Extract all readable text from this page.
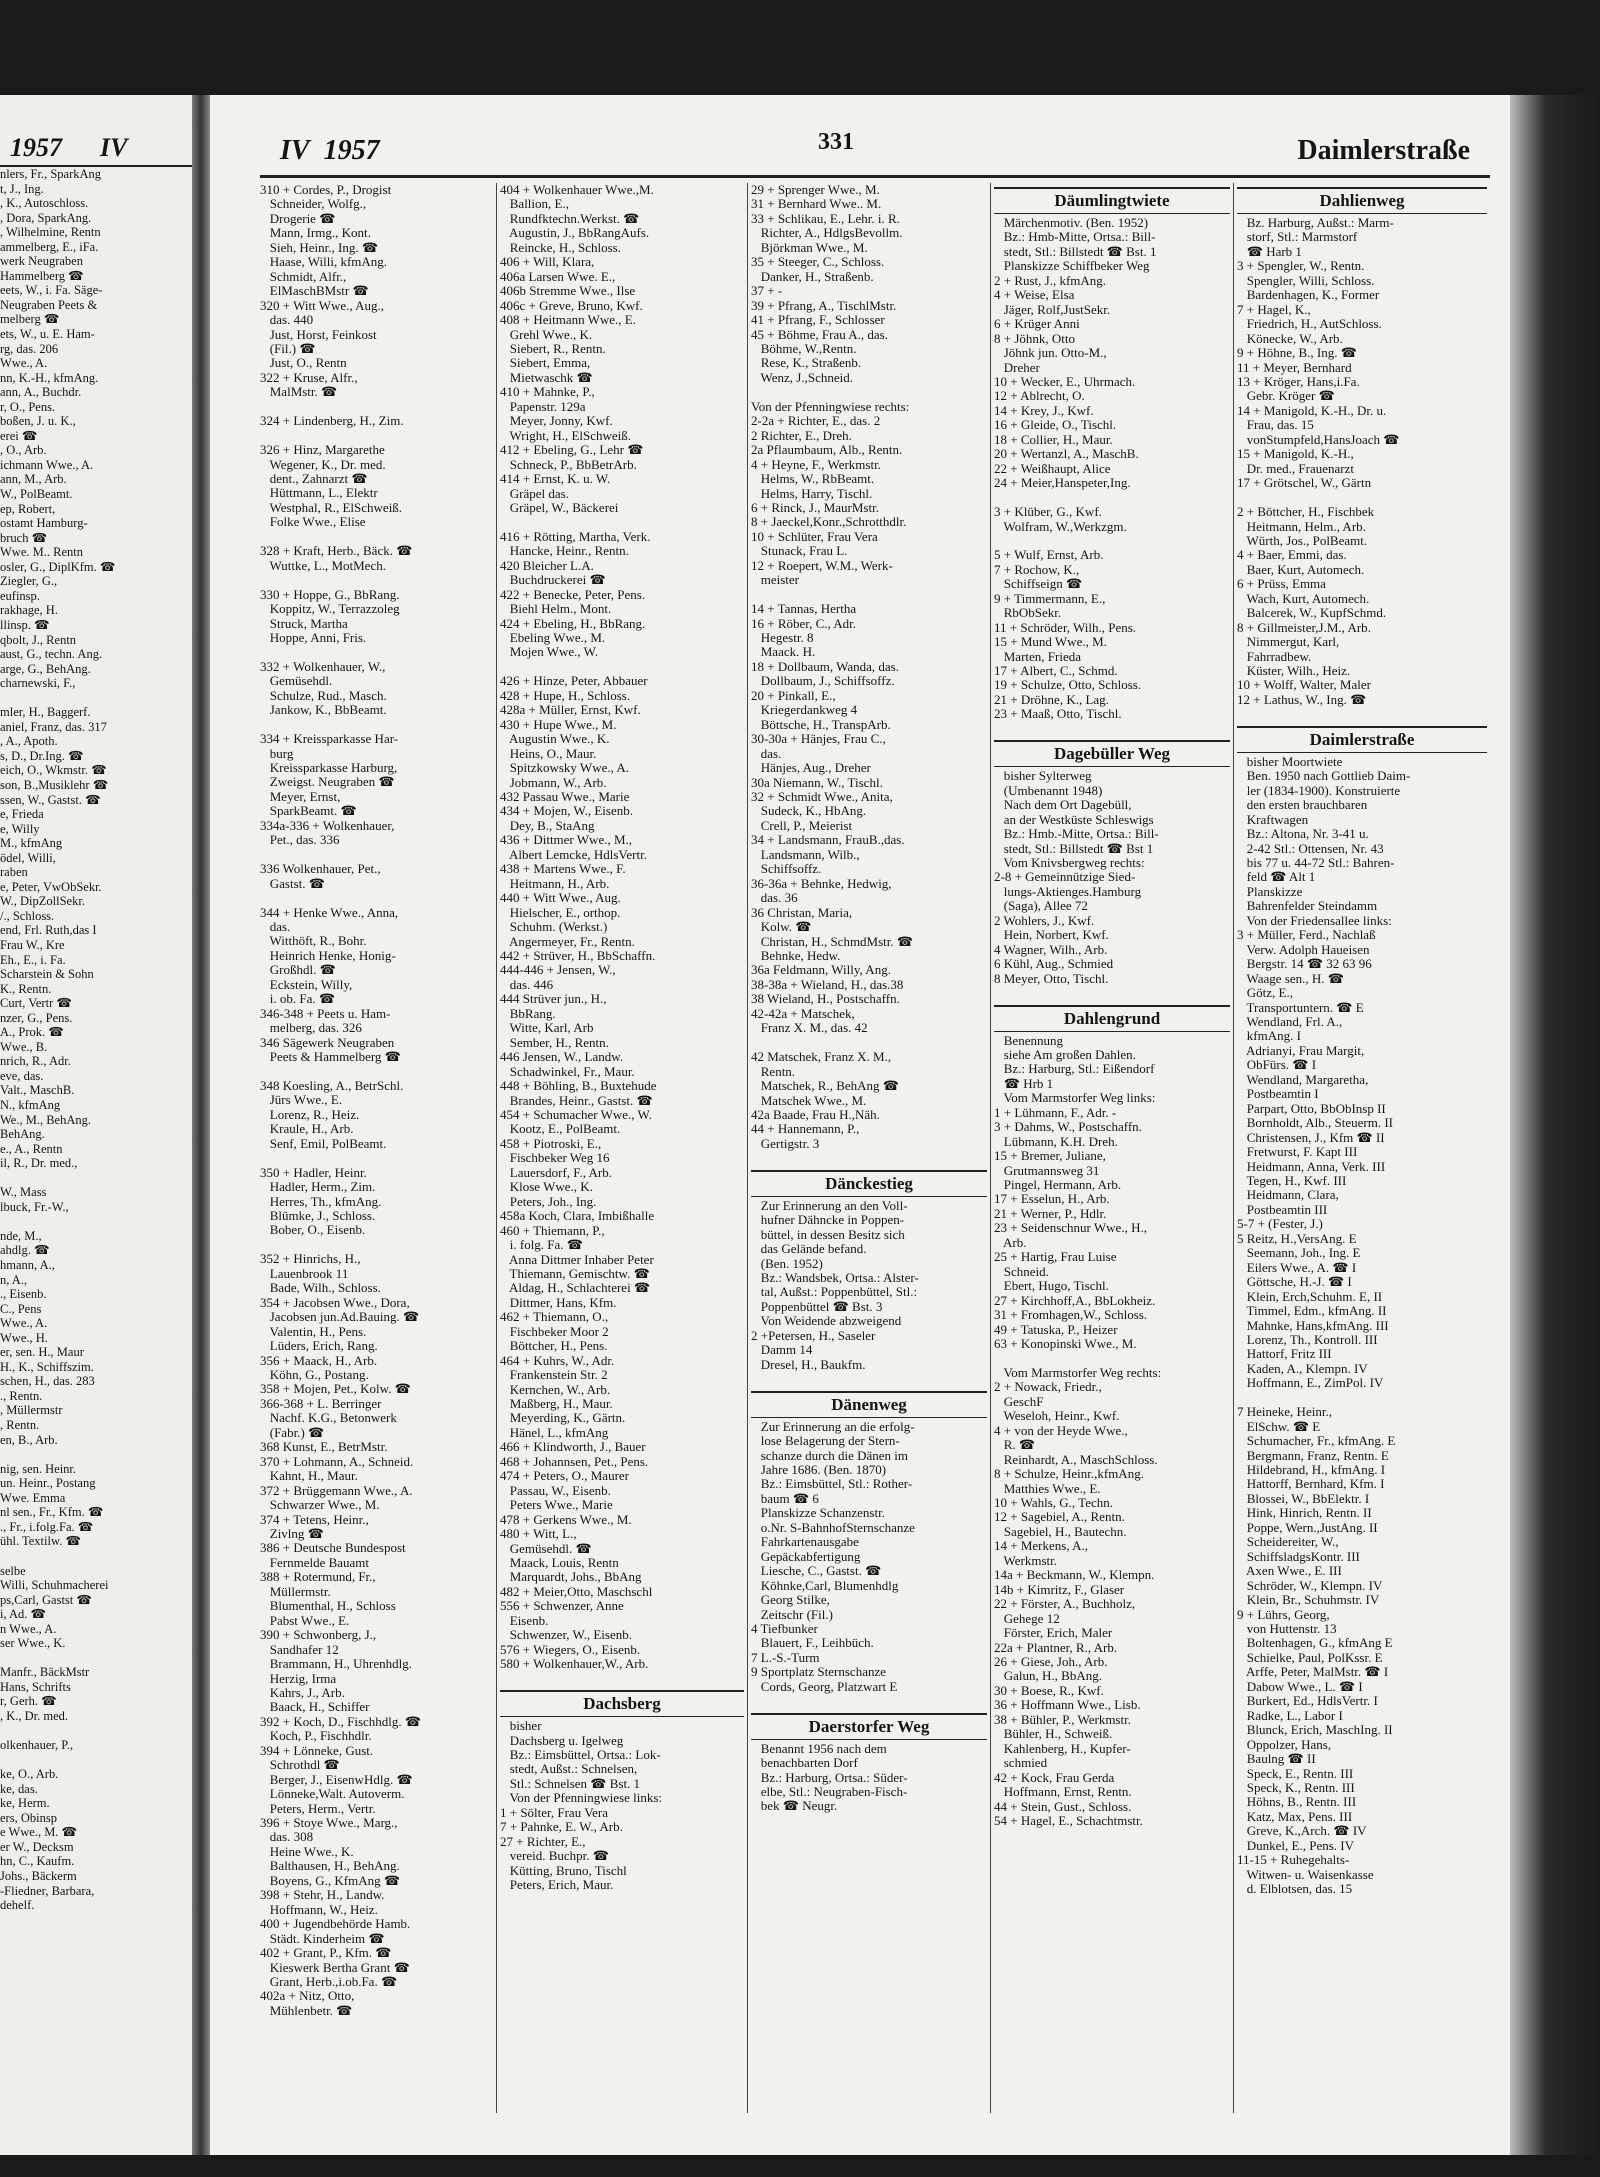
1957 IV
nlers, Fr., SparkAng
t, J., Ing.
, K., Autoschloss.
, Dora, SparkAng.
, Wilhelmine, Rentn
ammelberg, E., iFa.
werk Neugraben
Hammelberg ☎
eets, W., i. Fa. Säge-
Neugraben Peets &
melberg ☎
ets, W., u. E. Ham-
rg, das. 206
Wwe., A.
nn, K.-H., kfmAng.
ann, A., Buchdr.
r, O., Pens.
boßen, J. u. K.,
erei ☎
, O., Arb.
ichmann Wwe., A.
ann, M., Arb.
W., PolBeamt.
ep, Robert,
ostamt Hamburg-
bruch ☎
Wwe. M.. Rentn
osler, G., DiplKfm. ☎
Ziegler, G.,
eufinsp.
rakhage, H.
llinsp. ☎
qbolt, J., Rentn
aust, G., techn. Ang.
arge, G., BehAng.
charnewski, F.,
mler, H., Baggerf.
aniel, Franz, das. 317
, A., Apoth.
s, D., Dr.Ing. ☎
eich, O., Wkmstr. ☎
son, B.,Musiklehr ☎
ssen, W., Gastst. ☎
e, Frieda
e, Willy
M., kfmAng
ödel, Willi,
raben
e, Peter, VwObSekr.
W., DipZollSekr.
/., Schloss.
end, Frl. Ruth,das I
Frau W., Kre
Eh., E., i. Fa.
Scharstein & Sohn
K., Rentn.
Curt, Vertr ☎
nzer, G., Pens.
A., Prok. ☎
Wwe., B.
nrich, R., Adr.
eve, das.
Valt., MaschB.
N., kfmAng
We., M., BehAng.
BehAng.
e., A., Rentn
il, R., Dr. med.,
W., Mass
lbuck, Fr.-W.,
nde, M.,
ahdlg. ☎
hmann, A.,
n, A.,
., Eisenb.
C., Pens
Wwe., A.
Wwe., H.
er, sen. H., Maur
H., K., Schiffszim.
schen, H., das. 283
., Rentn.
, Müllermstr
, Rentn.
en, B., Arb.
nig, sen. Heinr.
un. Heinr., Postang
Wwe. Emma
nl sen., Fr., Kfm. ☎
., Fr., i.folg.Fa. ☎
ühl. Textilw. ☎
selbe
Willi, Schuhmacherei
ps,Carl, Gastst ☎
i, Ad. ☎
n Wwe., A.
ser Wwe., K.
Manfr., BäckMstr
Hans, Schrifts
r, Gerh. ☎
, K., Dr. med.
olkenhauer, P.,
ke, O., Arb.
ke, das.
ke, Herm.
ers, Obinsp
e Wwe., M. ☎
er W., Decksm
hn, C., Kaufm.
Johs., Bäckerm
-Fliedner, Barbara,
dehelf.
IV 1957	331	Daimlerstraße
310 + Cordes, P., Drogist
Schneider, Wolfg.,
Drogerie ☎
Mann, Irmg., Kont.
Sieh, Heinr., Ing. ☎
Haase, Willi, kfmAng.
Schmidt, Alfr.,
ElMaschBMstr ☎
320 + Witt Wwe., Aug.,
das. 440
Just, Horst, Feinkost
(Fil.) ☎
Just, O., Rentn
322 + Kruse, Alfr.,
MalMstr. ☎
324 + Lindenberg, H., Zim.
326 + Hinz, Margarethe
Wegener, K., Dr. med.
dent., Zahnarzt ☎
Hüttmann, L., Elektr
Westphal, R., ElSchweiß.
Folke Wwe., Elise
328 + Kraft, Herb., Bäck. ☎
Wuttke, L., MotMech.
330 + Hoppe, G., BbRang.
Koppitz, W., Terrazzoleg
Struck, Martha
Hoppe, Anni, Fris.
332 + Wolkenhauer, W.,
Gemüsehdl.
Schulze, Rud., Masch.
Jankow, K., BbBeamt.
334 + Kreissparkasse Har-
burg
Kreissparkasse Harburg,
Zweigst. Neugraben ☎
Meyer, Ernst,
SparkBeamt. ☎
334a-336 + Wolkenhauer,
Pet., das. 336
336 Wolkenhauer, Pet.,
Gastst. ☎
344 + Henke Wwe., Anna,
das.
Witthöft, R., Bohr.
Heinrich Henke, Honig-
Großhdl. ☎
Eckstein, Willy,
i. ob. Fa. ☎
346-348 + Peets u. Ham-
melberg, das. 326
346 Sägewerk Neugraben
Peets & Hammelberg ☎
348 Koesling, A., BetrSchl.
Jürs Wwe., E.
Lorenz, R., Heiz.
Kraule, H., Arb.
Senf, Emil, PolBeamt.
350 + Hadler, Heinr.
Hadler, Herm., Zim.
Herres, Th., kfmAng.
Blümke, J., Schloss.
Bober, O., Eisenb.
352 + Hinrichs, H.,
Lauenbrook 11
Bade, Wilh., Schloss.
354 + Jacobsen Wwe., Dora,
Jacobsen jun.Ad.Bauing. ☎
Valentin, H., Pens.
Lüders, Erich, Rang.
356 + Maack, H., Arb.
Köhn, G., Postang.
358 + Mojen, Pet., Kolw. ☎
366-368 + L. Berringer
Nachf. K.G., Betonwerk
(Fabr.) ☎
368 Kunst, E., BetrMstr.
370 + Lohmann, A., Schneid.
Kahnt, H., Maur.
372 + Brüggemann Wwe., A.
Schwarzer Wwe., M.
374 + Tetens, Heinr.,
Zivlng ☎
386 + Deutsche Bundespost
Fernmelde Bauamt
388 + Rotermund, Fr.,
Müllermstr.
Blumenthal, H., Schloss
Pabst Wwe., E.
390 + Schwonberg, J.,
Sandhafer 12
Brammann, H., Uhrenhdlg.
Herzig, Irma
Kahrs, J., Arb.
Baack, H., Schiffer
392 + Koch, D., Fischhdlg. ☎
Koch, P., Fischhdlr.
394 + Lönneke, Gust.
Schrothdl ☎
Berger, J., EisenwHdlg. ☎
Lönneke,Walt. Autoverm.
Peters, Herm., Vertr.
396 + Stoye Wwe., Marg.,
das. 308
Heine Wwe., K.
Balthausen, H., BehAng.
Boyens, G., KfmAng ☎
398 + Stehr, H., Landw.
Hoffmann, W., Heiz.
400 + Jugendbehörde Hamb.
Städt. Kinderheim ☎
402 + Grant, P., Kfm. ☎
Kieswerk Bertha Grant ☎
Grant, Herb.,i.ob.Fa. ☎
402a + Nitz, Otto,
Mühlenbetr. ☎
404 + Wolkenhauer Wwe.,M.
Ballion, E.,
Rundfktechn.Werkst. ☎
Augustin, J., BbRangAufs.
Reincke, H., Schloss.
406 + Will, Klara,
406a Larsen Wwe. E.,
406b Stremme Wwe., Ilse
406c + Greve, Bruno, Kwf.
408 + Heitmann Wwe., E.
Grehl Wwe., K.
Siebert, R., Rentn.
Siebert, Emma,
Mietwaschk ☎
410 + Mahnke, P.,
Papenstr. 129a
Meyer, Jonny, Kwf.
Wright, H., ElSchweiß.
412 + Ebeling, G., Lehr ☎
Schneck, P., BbBetrArb.
414 + Ernst, K. u. W.
Gräpel das.
Gräpel, W., Bäckerei
416 + Rötting, Martha, Verk.
Hancke, Heinr., Rentn.
420 Bleicher L.A.
Buchdruckerei ☎
422 + Benecke, Peter, Pens.
Biehl Helm., Mont.
424 + Ebeling, H., BbRang.
Ebeling Wwe., M.
Mojen Wwe., W.
426 + Hinze, Peter, Abbauer
428 + Hupe, H., Schloss.
428a + Müller, Ernst, Kwf.
430 + Hupe Wwe., M.
Augustin Wwe., K.
Heins, O., Maur.
Spitzkowsky Wwe., A.
Jobmann, W., Arb.
432 Passau Wwe., Marie
434 + Mojen, W., Eisenb.
Dey, B., StaAng
436 + Dittmer Wwe., M.,
Albert Lemcke, HdlsVertr.
438 + Martens Wwe., F.
Heitmann, H., Arb.
440 + Witt Wwe., Aug.
Hielscher, E., orthop.
Schuhm. (Werkst.)
Angermeyer, Fr., Rentn.
442 + Strüver, H., BbSchaffn.
444-446 + Jensen, W.,
das. 446
444 Strüver jun., H.,
BbRang.
Witte, Karl, Arb
Sember, H., Rentn.
446 Jensen, W., Landw.
Schadwinkel, Fr., Maur.
448 + Böhling, B., Buxtehude
Brandes, Heinr., Gastst. ☎
454 + Schumacher Wwe., W.
Kootz, E., PolBeamt.
458 + Piotroski, E.,
Fischbeker Weg 16
Lauersdorf, F., Arb.
Klose Wwe., K.
Peters, Joh., Ing.
458a Koch, Clara, Imbißhalle
460 + Thiemann, P.,
i. folg. Fa. ☎
Anna Dittmer Inhaber Peter
Thiemann, Gemischtw. ☎
Aldag, H., Schlachterei ☎
Dittmer, Hans, Kfm.
462 + Thiemann, O.,
Fischbeker Moor 2
Böttcher, H., Pens.
464 + Kuhrs, W., Adr.
Frankenstein Str. 2
Kernchen, W., Arb.
Maßberg, H., Maur.
Meyerding, K., Gärtn.
Hänel, L., kfmAng
466 + Klindworth, J., Bauer
468 + Johannsen, Pet., Pens.
474 + Peters, O., Maurer
Passau, W., Eisenb.
Peters Wwe., Marie
478 + Gerkens Wwe., M.
480 + Witt, L.,
Gemüsehdl. ☎
Maack, Louis, Rentn
Marquardt, Johs., BbAng
482 + Meier,Otto, Maschschl
556 + Schwenzer, Anne
Eisenb.
Schwenzer, W., Eisenb.
576 + Wiegers, O., Eisenb.
580 + Wolkenhauer,W., Arb.
Dachsberg
bisher
Dachsberg u. Igelweg
Bz.: Eimsbüttel, Ortsa.: Lok-
stedt, Außst.: Schnelsen,
Stl.: Schnelsen ☎ Bst. 1
Von der Pfenningwiese links:
1 + Sölter, Frau Vera
7 + Pahnke, E. W., Arb.
27 + Richter, E.,
vereid. Buchpr. ☎
Kütting, Bruno, Tischl
Peters, Erich, Maur.
29 + Sprenger Wwe., M.
31 + Bernhard Wwe.. M.
33 + Schlikau, E., Lehr. i. R.
Richter, A., HdlgsBevollm.
Björkman Wwe., M.
35 + Steeger, C., Schloss.
Danker, H., Straßenb.
37 + -
39 + Pfrang, A., TischlMstr.
41 + Pfrang, F., Schlosser
45 + Böhme, Frau A., das.
Böhme, W.,Rentn.
Rese, K., Straßenb.
Wenz, J.,Schneid.
Von der Pfenningwiese rechts:
2-2a + Richter, E., das. 2
2 Richter, E., Dreh.
2a Pflaumbaum, Alb., Rentn.
4 + Heyne, F., Werkmstr.
Helms, W., RbBeamt.
Helms, Harry, Tischl.
6 + Rinck, J., MaurMstr.
8 + Jaeckel,Konr.,Schrotthdlr.
10 + Schlüter, Frau Vera
Stunack, Frau L.
12 + Roepert, W.M., Werk-
meister
14 + Tannas, Hertha
16 + Röber, C., Adr.
Hegestr. 8
Maack. H.
18 + Dollbaum, Wanda, das.
Dollbaum, J., Schiffsoffz.
20 + Pinkall, E.,
Kriegerdankweg 4
Böttsche, H., TranspArb.
30-30a + Hänjes, Frau C.,
das.
Hänjes, Aug., Dreher
30a Niemann, W., Tischl.
32 + Schmidt Wwe., Anita,
Sudeck, K., HbAng.
Crell, P., Meierist
34 + Landsmann, FrauB.,das.
Landsmann, Wilb.,
Schiffsoffz.
36-36a + Behnke, Hedwig,
das. 36
36 Christan, Maria,
Kolw. ☎
Christan, H., SchmdMstr. ☎
Behnke, Hedw.
36a Feldmann, Willy, Ang.
38-38a + Wieland, H., das.38
38 Wieland, H., Postschaffn.
42-42a + Matschek,
Franz X. M., das. 42
42 Matschek, Franz X. M.,
Rentn.
Matschek, R., BehAng ☎
Matschek Wwe., M.
42a Baade, Frau H.,Näh.
44 + Hannemann, P.,
Gertigstr. 3
Dänckestieg
Zur Erinnerung an den Voll-
hufner Dähncke in Poppen-
büttel, in dessen Besitz sich
das Gelände befand.
(Ben. 1952)
Bz.: Wandsbek, Ortsa.: Alster-
tal, Außst.: Poppenbüttel, Stl.:
Poppenbüttel ☎ Bst. 3
Von Weidende abzweigend
2 +Petersen, H., Saseler
Damm 14
Dresel, H., Baukfm.
Dänenweg
Zur Erinnerung an die erfolg-
lose Belagerung der Stern-
schanze durch die Dänen im
Jahre 1686. (Ben. 1870)
Bz.: Eimsbüttel, Stl.: Rother-
baum ☎ 6
Planskizze Schanzenstr.
o.Nr. S-BahnhofSternschanze
Fahrkartenausgabe
Gepäckabfertigung
Liesche, C., Gastst. ☎
Köhnke,Carl, Blumenhdlg
Georg Stilke,
Zeitschr (Fil.)
4 Tiefbunker
Blauert, F., Leihbüch.
7 L.-S.-Turm
9 Sportplatz Sternschanze
Cords, Georg, Platzwart E
Daerstorfer Weg
Benannt 1956 nach dem
benachbarten Dorf
Bz.: Harburg, Ortsa.: Süder-
elbe, Stl.: Neugraben-Fisch-
bek ☎ Neugr.
Däumlingtwiete
Märchenmotiv. (Ben. 1952)
Bz.: Hmb-Mitte, Ortsa.: Bill-
stedt, Stl.: Billstedt ☎ Bst. 1
Planskizze Schiffbeker Weg
2 + Rust, J., kfmAng.
4 + Weise, Elsa
Jäger, Rolf,JustSekr.
6 + Krüger Anni
8 + Jöhnk, Otto
Jöhnk jun. Otto-M.,
Dreher
10 + Wecker, E., Uhrmach.
12 + Ablrecht, O.
14 + Krey, J., Kwf.
16 + Gleide, O., Tischl.
18 + Collier, H., Maur.
20 + Wertanzl, A., MaschB.
22 + Weißhaupt, Alice
24 + Meier,Hanspeter,Ing.
3 + Klüber, G., Kwf.
Wolfram, W.,Werkzgm.
5 + Wulf, Ernst, Arb.
7 + Rochow, K.,
Schiffseign ☎
9 + Timmermann, E.,
RbObSekr.
11 + Schröder, Wilh., Pens.
15 + Mund Wwe., M.
Marten, Frieda
17 + Albert, C., Schmd.
19 + Schulze, Otto, Schloss.
21 + Dröhne, K., Lag.
23 + Maaß, Otto, Tischl.
Dagebüller Weg
bisher Sylterweg
(Umbenannt 1948)
Nach dem Ort Dagebüll,
an der Westküste Schleswigs
Bz.: Hmb.-Mitte, Ortsa.: Bill-
stedt, Stl.: Billstedt ☎ Bst 1
Vom Knivsbergweg rechts:
2-8 + Gemeinnützige Sied-
lungs-Aktienges.Hamburg
(Saga), Allee 72
2 Wohlers, J., Kwf.
Hein, Norbert, Kwf.
4 Wagner, Wilh., Arb.
6 Kühl, Aug., Schmied
8 Meyer, Otto, Tischl.
Dahlengrund
Benennung
siehe Am großen Dahlen.
Bz.: Harburg, Stl.: Eißendorf
☎ Hrb 1
Vom Marmstorfer Weg links:
1 + Lühmann, F., Adr. -
3 + Dahms, W., Postschaffn.
Lübmann, K.H. Dreh.
15 + Bremer, Juliane,
Grutmannsweg 31
Pingel, Hermann, Arb.
17 + Esselun, H., Arb.
21 + Werner, P., Hdlr.
23 + Seidenschnur Wwe., H.,
Arb.
25 + Hartig, Frau Luise
Schneid.
Ebert, Hugo, Tischl.
27 + Kirchhoff,A., BbLokheiz.
31 + Fromhagen,W., Schloss.
49 + Tatuska, P., Heizer
63 + Konopinski Wwe., M.
Vom Marmstorfer Weg rechts:
2 + Nowack, Friedr.,
GeschF
Weseloh, Heinr., Kwf.
4 + von der Heyde Wwe.,
R. ☎
Reinhardt, A., MaschSchloss.
8 + Schulze, Heinr.,kfmAng.
Matthies Wwe., E.
10 + Wahls, G., Techn.
12 + Sagebiel, A., Rentn.
Sagebiel, H., Bautechn.
14 + Merkens, A.,
Werkmstr.
14a + Beckmann, W., Klempn.
14b + Kimritz, F., Glaser
22 + Förster, A., Buchholz,
Gehege 12
Förster, Erich, Maler
22a + Plantner, R., Arb.
26 + Giese, Joh., Arb.
Galun, H., BbAng.
30 + Boese, R., Kwf.
36 + Hoffmann Wwe., Lisb.
38 + Bühler, P., Werkmstr.
Bühler, H., Schweiß.
Kahlenberg, H., Kupfer-
schmied
42 + Kock, Frau Gerda
Hoffmann, Ernst, Rentn.
44 + Stein, Gust., Schloss.
54 + Hagel, E., Schachtmstr.
Dahlienweg
Bz. Harburg, Außst.: Marm-
storf, Stl.: Marmstorf
☎ Harb 1
3 + Spengler, W., Rentn.
Spengler, Willi, Schloss.
Bardenhagen, K., Former
7 + Hagel, K.,
Friedrich, H., AutSchloss.
Könecke, W., Arb.
9 + Höhne, B., Ing. ☎
11 + Meyer, Bernhard
13 + Kröger, Hans,i.Fa.
Gebr. Kröger ☎
14 + Manigold, K.-H., Dr. u.
Frau, das. 15
vonStumpfeld,HansJoach ☎
15 + Manigold, K.-H.,
Dr. med., Frauenarzt
17 + Grötschel, W., Gärtn
2 + Böttcher, H., Fischbek
Heitmann, Helm., Arb.
Würth, Jos., PolBeamt.
4 + Baer, Emmi, das.
Baer, Kurt, Automech.
6 + Prüss, Emma
Wach, Kurt, Automech.
Balcerek, W., KupfSchmd.
8 + Gillmeister,J.M., Arb.
Nimmergut, Karl,
Fahrradbew.
Küster, Wilh., Heiz.
10 + Wolff, Walter, Maler
12 + Lathus, W., Ing. ☎
Daimlerstraße
bisher Moortwiete
Ben. 1950 nach Gottlieb Daim-
ler (1834-1900). Konstruierte
den ersten brauchbaren
Kraftwagen
Bz.: Altona, Nr. 3-41 u.
2-42 Stl.: Ottensen, Nr. 43
bis 77 u. 44-72 Stl.: Bahren-
feld ☎ Alt 1
Planskizze
Bahrenfelder Steindamm
Von der Friedensallee links:
3 + Müller, Ferd., Nachlaß
Verw. Adolph Haueisen
Bergstr. 14 ☎ 32 63 96
Waage sen., H. ☎
Götz, E.,
Transportuntern. ☎ E
Wendland, Frl. A.,
kfmAng. I
Adrianyi, Frau Margit,
ObFürs. ☎ I
Wendland, Margaretha,
Postbeamtin I
Parpart, Otto, BbObInsp II
Bornholdt, Alb., Steuerm. II
Christensen, J., Kfm ☎ II
Fretwurst, F. Kapt III
Heidmann, Anna, Verk. III
Tegen, H., Kwf. III
Heidmann, Clara,
Postbeamtin III
5-7 + (Fester, J.)
5 Reitz, H.,VersAng. E
Seemann, Joh., Ing. E
Eilers Wwe., A. ☎ I
Göttsche, H.-J. ☎ I
Klein, Erch,Schuhm. E, II
Timmel, Edm., kfmAng. II
Mahnke, Hans,kfmAng. III
Lorenz, Th., Kontroll. III
Hattorf, Fritz III
Kaden, A., Klempn. IV
Hoffmann, E., ZimPol. IV
7 Heineke, Heinr.,
ElSchw. ☎ E
Schumacher, Fr., kfmAng. E
Bergmann, Franz, Rentn. E
Hildebrand, H., kfmAng. I
Hattorff, Bernhard, Kfm. I
Blossei, W., BbElektr. I
Hink, Hinrich, Rentn. II
Poppe, Wern.,JustAng. II
Scheidereiter, W.,
SchiffsladgsKontr. III
Axen Wwe., E. III
Schröder, W., Klempn. IV
Klein, Br., Schuhmstr. IV
9 + Lührs, Georg,
von Huttenstr. 13
Boltenhagen, G., kfmAng E
Schielke, Paul, PolKssr. E
Arffe, Peter, MalMstr. ☎ I
Dabow Wwe., L. ☎ I
Burkert, Ed., HdlsVertr. I
Radke, L., Labor I
Blunck, Erich, MaschIng. II
Oppolzer, Hans,
Baulng ☎ II
Speck, E., Rentn. III
Speck, K., Rentn. III
Höhns, B., Rentn. III
Katz, Max, Pens. III
Greve, K.,Arch. ☎ IV
Dunkel, E., Pens. IV
11-15 + Ruhegehalts-
Witwen- u. Waisenkasse
d. Elblotsen, das. 15
